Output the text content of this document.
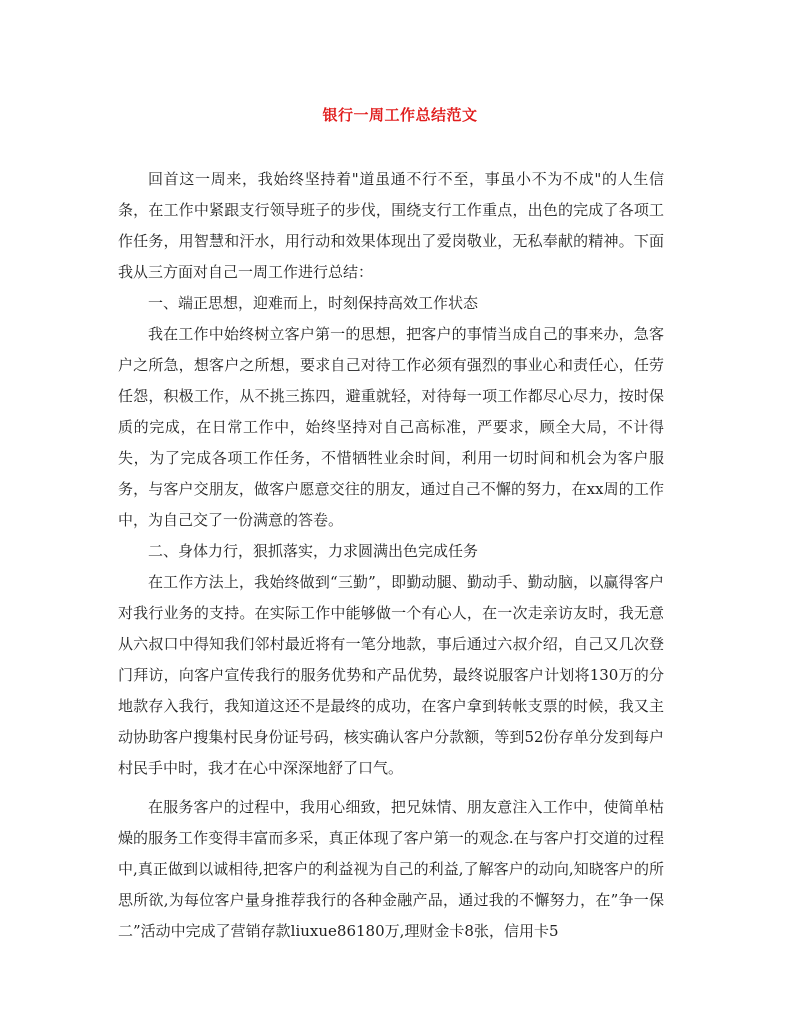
银行一周工作总结范文

回首这一周来，我始终坚持着"道虽通不行不至，事虽小不为不成"的人生信条，在工作中紧跟支行领导班子的步伐，围绕支行工作重点，出色的完成了各项工作任务，用智慧和汗水，用行动和效果体现出了爱岗敬业，无私奉献的精神。下面我从三方面对自己一周工作进行总结：

一、端正思想，迎难而上，时刻保持高效工作状态

我在工作中始终树立客户第一的思想，把客户的事情当成自己的事来办，急客户之所急，想客户之所想，要求自己对待工作必须有强烈的事业心和责任心，任劳任怨，积极工作，从不挑三拣四，避重就轻，对待每一项工作都尽心尽力，按时保质的完成，在日常工作中，始终坚持对自己高标准，严要求，顾全大局，不计得失，为了完成各项工作任务，不惜牺牲业余时间，利用一切时间和机会为客户服务，与客户交朋友，做客户愿意交往的朋友，通过自己不懈的努力，在xx周的工作中，为自己交了一份满意的答卷。

二、身体力行，狠抓落实，力求圆满出色完成任务

在工作方法上，我始终做到“三勤”，即勤动腿、勤动手、勤动脑，以赢得客户对我行业务的支持。在实际工作中能够做一个有心人，在一次走亲访友时，我无意从六叔口中得知我们邻村最近将有一笔分地款，事后通过六叔介绍，自己又几次登门拜访，向客户宣传我行的服务优势和产品优势，最终说服客户计划将130万的分地款存入我行，我知道这还不是最终的成功，在客户拿到转帐支票的时候，我又主动协助客户搜集村民身份证号码，核实确认客户分款额，等到52份存单分发到每户村民手中时，我才在心中深深地舒了口气。

在服务客户的过程中，我用心细致，把兄妹情、朋友意注入工作中，使简单枯燥的服务工作变得丰富而多采，真正体现了客户第一的观念.在与客户打交道的过程中,真正做到以诚相待,把客户的利益视为自己的利益,了解客户的动向,知晓客户的所思所欲,为每位客户量身推荐我行的各种金融产品，通过我的不懈努力，在”争一保二”活动中完成了营销存款liuxue86180万,理财金卡8张，信用卡5
